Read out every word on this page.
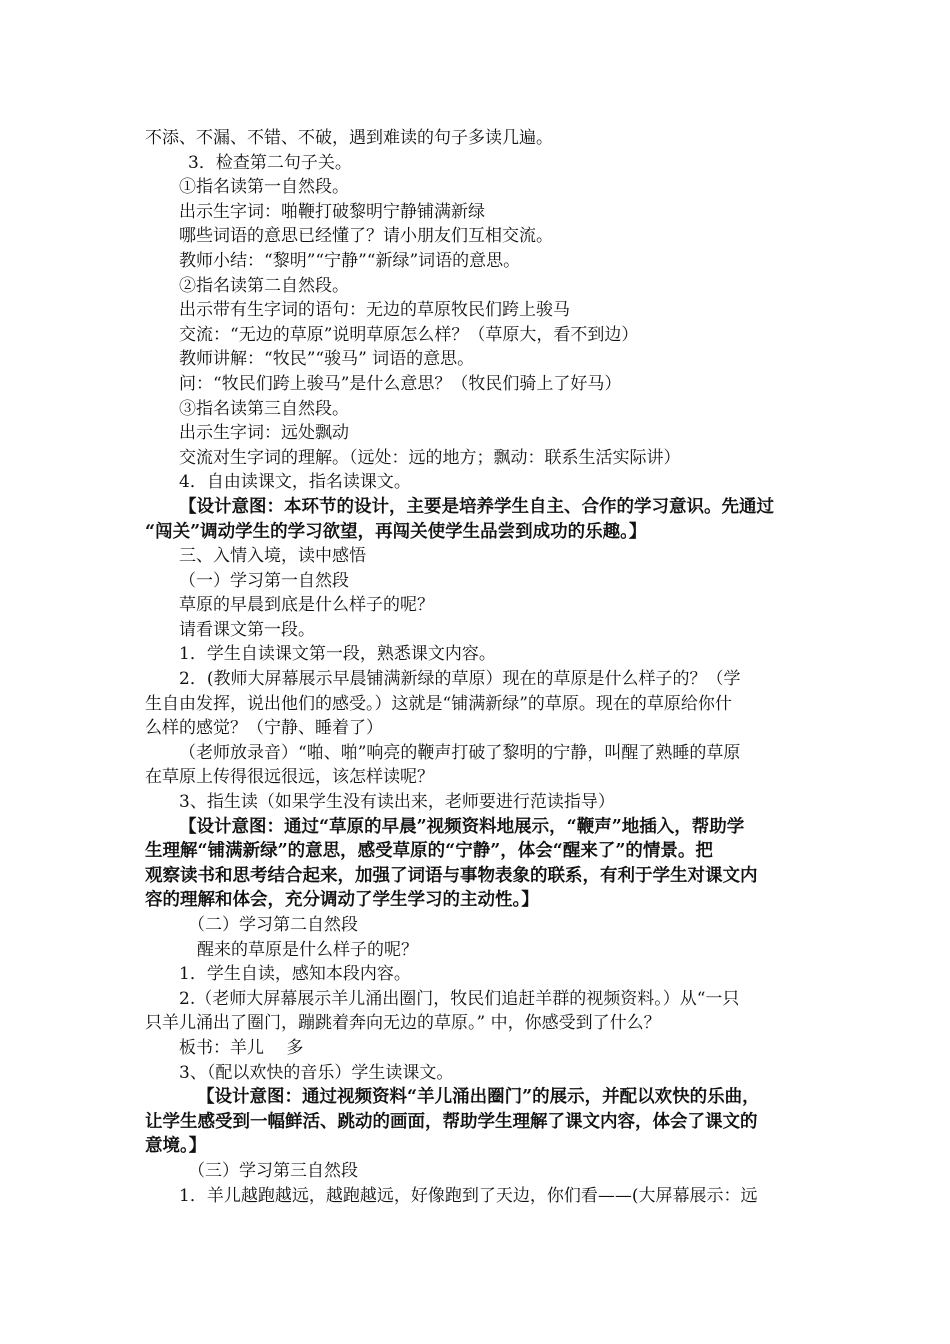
不添、不漏、不错、不破，遇到难读的句子多读几遍。
3．检查第二句子关。
①指名读第一自然段。
出示生字词：啪鞭打破黎明宁静铺满新绿
哪些词语的意思已经懂了？请小朋友们互相交流。
教师小结：“黎明”“宁静”“新绿”词语的意思。
②指名读第二自然段。
出示带有生字词的语句：无边的草原牧民们跨上骏马
交流：“无边的草原”说明草原怎么样？（草原大，看不到边）
教师讲解：“牧民”“骏马” 词语的意思。
问：“牧民们跨上骏马”是什么意思？（牧民们骑上了好马）
③指名读第三自然段。
出示生字词：远处飘动
交流对生字词的理解。（远处：远的地方；飘动：联系生活实际讲）
4．自由读课文，指名读课文。
【设计意图：本环节的设计，主要是培养学生自主、合作的学习意识。先通过
“闯关”调动学生的学习欲望，再闯关使学生品尝到成功的乐趣。】
三、入情入境，读中感悟
（一）学习第一自然段
草原的早晨到底是什么样子的呢？
请看课文第一段。
1．学生自读课文第一段，熟悉课文内容。
2．(教师大屏幕展示早晨铺满新绿的草原）现在的草原是什么样子的？（学
生自由发挥，说出他们的感受。）这就是“铺满新绿”的草原。现在的草原给你什
么样的感觉？（宁静、睡着了）
（老师放录音）“啪、啪”响亮的鞭声打破了黎明的宁静，叫醒了熟睡的草原
在草原上传得很远很远，该怎样读呢？
3、指生读（如果学生没有读出来，老师要进行范读指导）
【设计意图：通过“草原的早晨”视频资料地展示，“鞭声”地插入，帮助学
生理解“铺满新绿”的意思，感受草原的“宁静”，体会“醒来了”的情景。把
观察读书和思考结合起来，加强了词语与事物表象的联系，有利于学生对课文内
容的理解和体会，充分调动了学生学习的主动性。】
（二）学习第二自然段
醒来的草原是什么样子的呢？
1．学生自读，感知本段内容。
2.（老师大屏幕展示羊儿涌出圈门，牧民们追赶羊群的视频资料。）从“一只
只羊儿涌出了圈门，蹦跳着奔向无边的草原。” 中，你感受到了什么？
板书：羊儿　 多
3、（配以欢快的音乐）学生读课文。
【设计意图：通过视频资料“羊儿涌出圈门”的展示，并配以欢快的乐曲，
让学生感受到一幅鲜活、跳动的画面，帮助学生理解了课文内容，体会了课文的
意境。】
（三）学习第三自然段
1．羊儿越跑越远，越跑越远，好像跑到了天边，你们看——(大屏幕展示：远
